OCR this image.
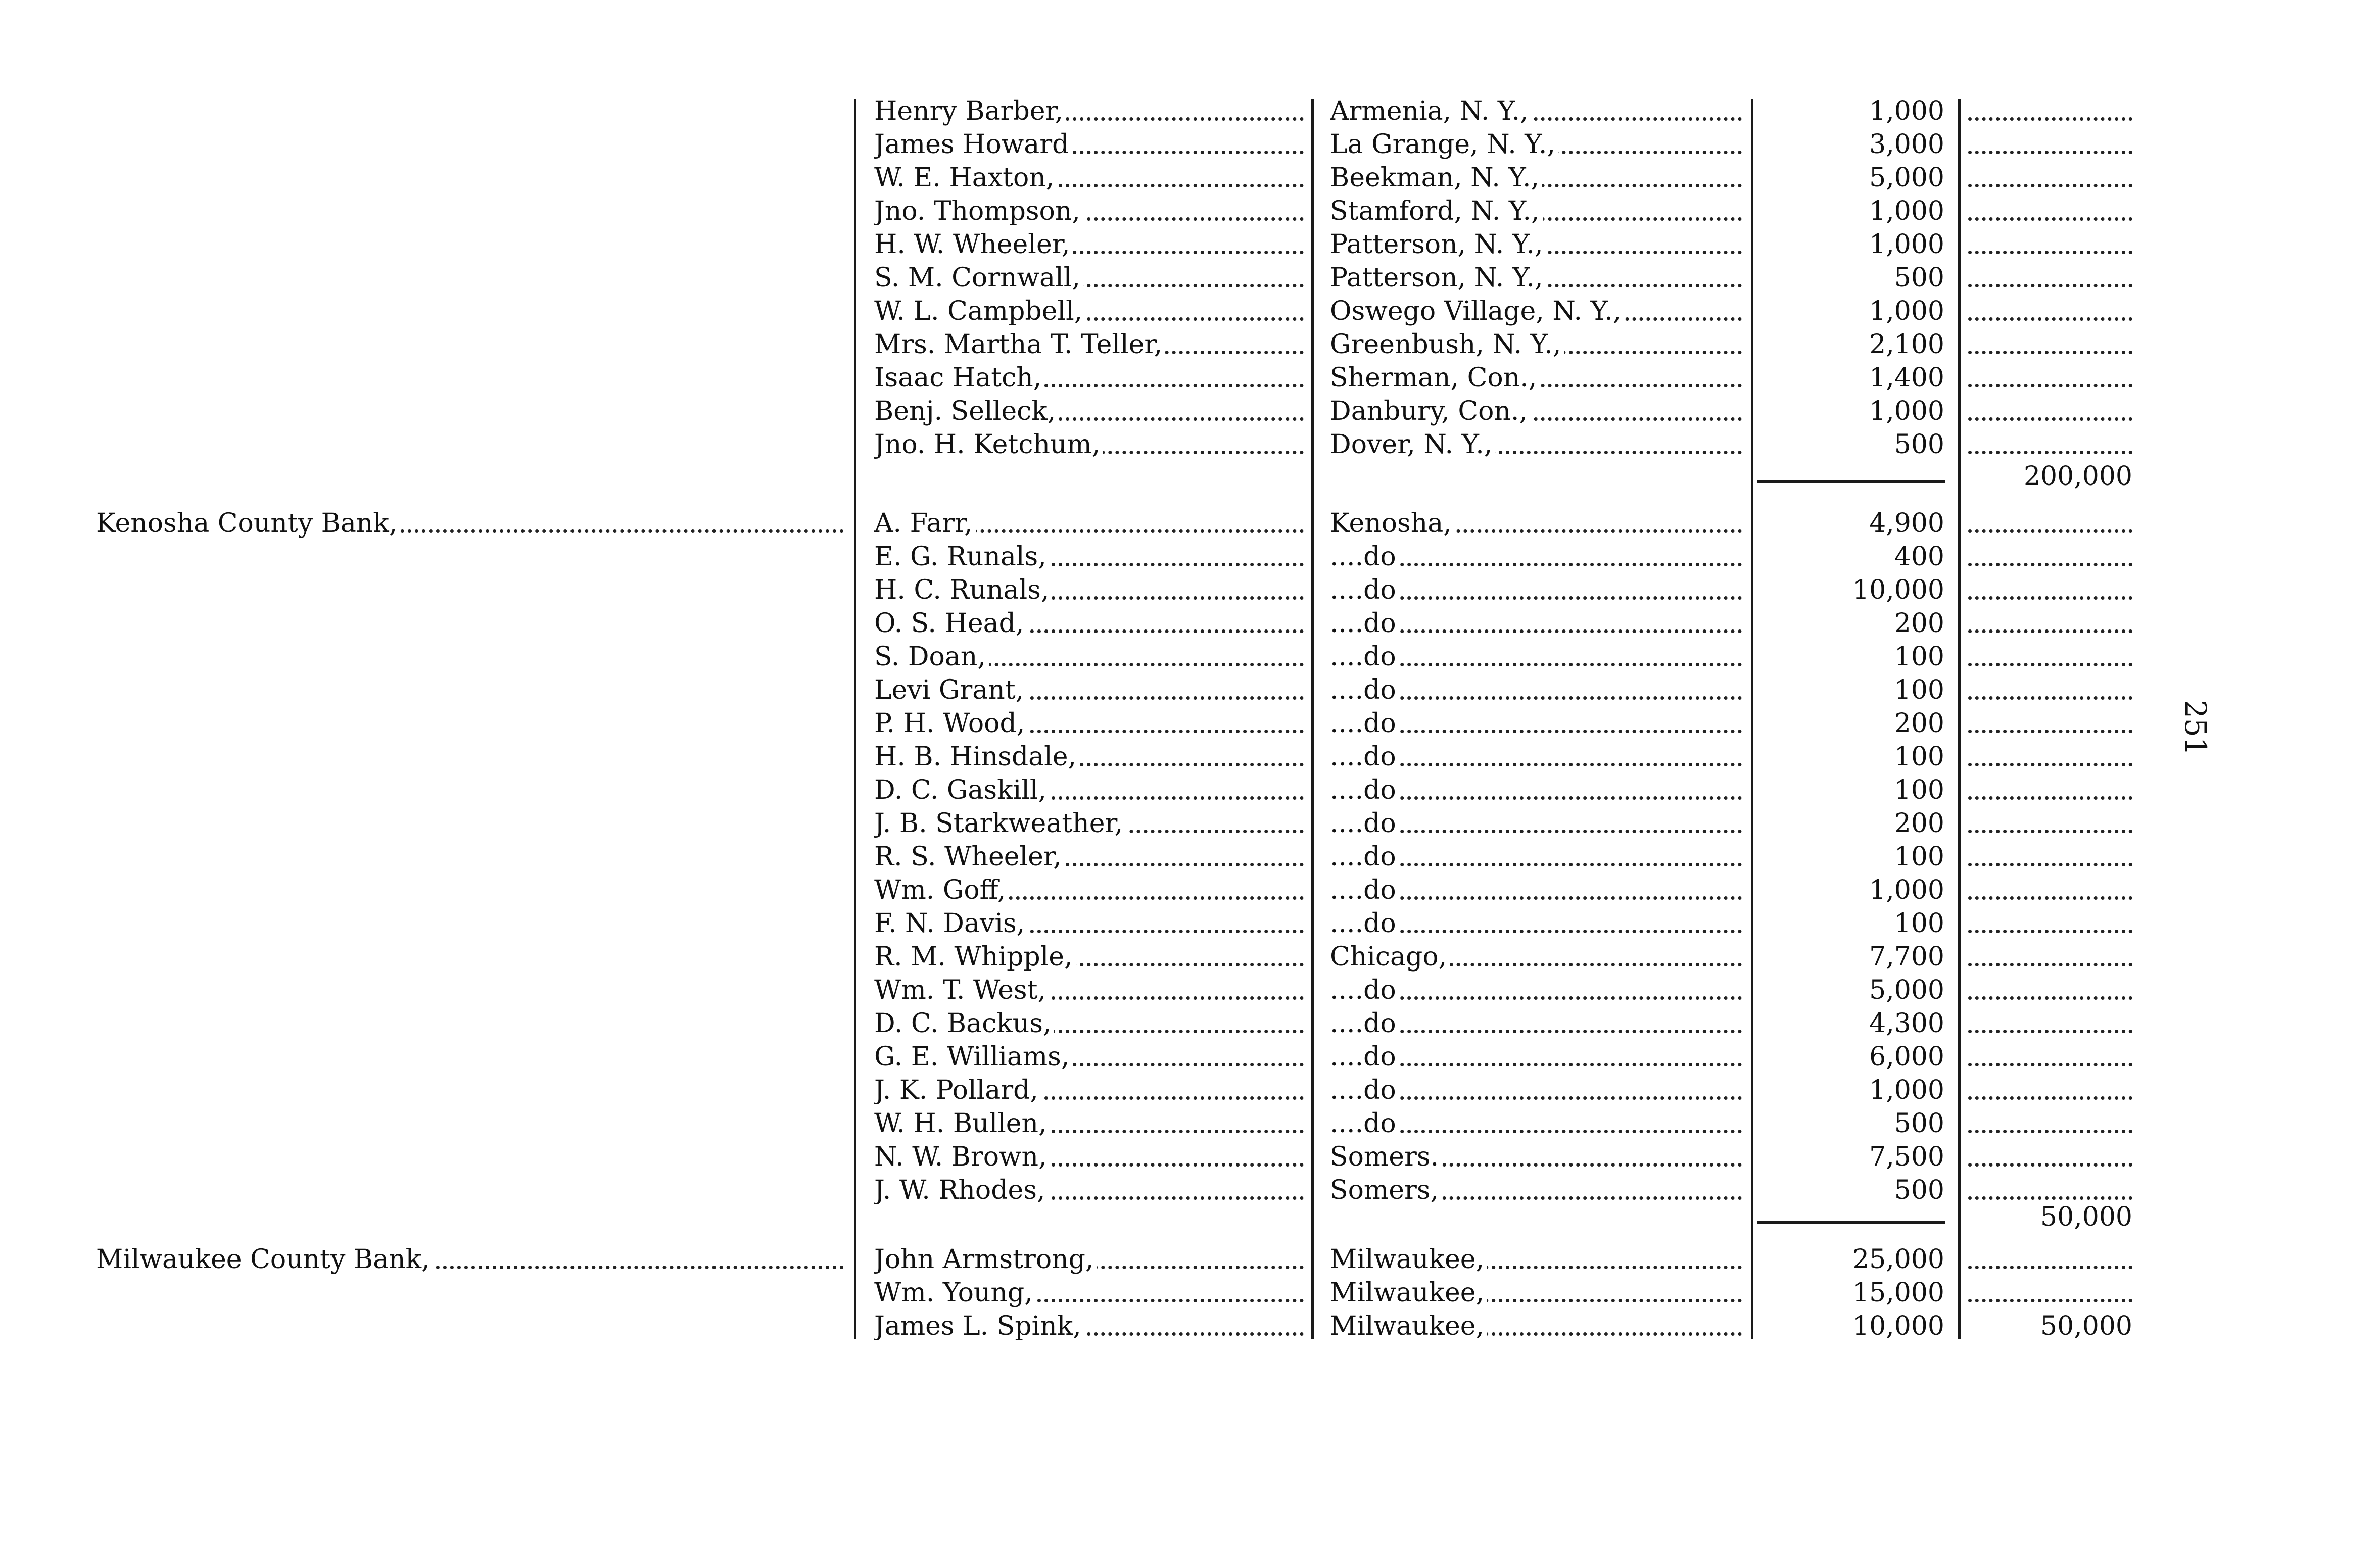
Henry Barber,	Armenia, N. Y.,	1,000
James Howard	La Grange, N. Y.,	3,000
W. E. Haxton,	Beekman, N. Y.,	5,000
Jno. Thompson,	Stamford, N. Y.,	1,000
H. W. Wheeler,	Patterson, N. Y.,	1,000
S. M. Cornwall,	Patterson, N. Y.,	500
W. L. Campbell,	Oswego Village, N. Y.,	1,000
Mrs. Martha T. Teller,	Greenbush, N. Y.,	2,100
Isaac Hatch,	Sherman, Con.,	1,400
Benj. Selleck,	Danbury, Con.,	1,000
Jno. H. Ketchum,	Dover, N. Y.,	500
200,000
Kenosha County Bank,	A. Farr,	Kenosha,	4,900
E. G. Runals,	....do	400
H. C. Runals,	....do	10,000
O. S. Head,	....do	200
S. Doan,	....do	100
Levi Grant,	....do	100
P. H. Wood,	....do	200
H. B. Hinsdale,	....do	100
D. C. Gaskill,	....do	100
J. B. Starkweather,	....do	200
R. S. Wheeler,	....do	100
Wm. Goff,	....do	1,000
F. N. Davis,	....do	100
R. M. Whipple,	Chicago,	7,700
Wm. T. West,	....do	5,000
D. C. Backus,	....do	4,300
G. E. Williams,	....do	6,000
J. K. Pollard,	....do	1,000
W. H. Bullen,	....do	500
N. W. Brown,	Somers.	7,500
J. W. Rhodes,	Somers,	500
50,000
Milwaukee County Bank,	John Armstrong,	Milwaukee,	25,000
Wm. Young,	Milwaukee,	15,000
James L. Spink,	Milwaukee,	10,000	50,000
251
